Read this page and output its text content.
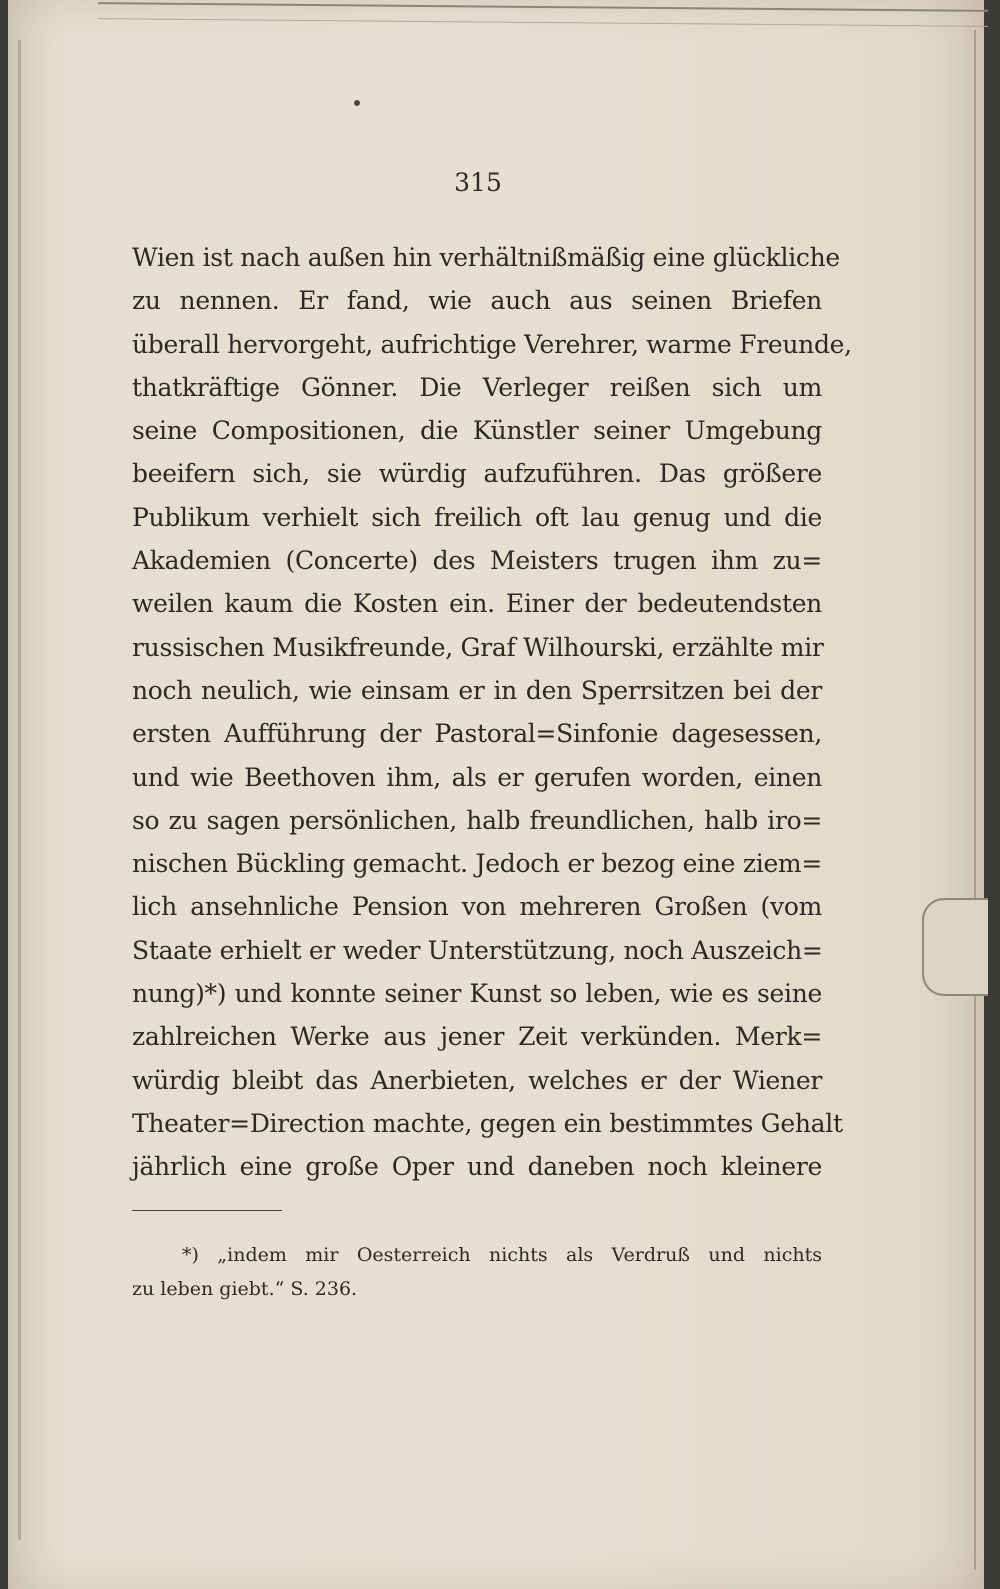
315
Wien ist nach außen hin verhältnißmäßig eine glückliche
zu nennen. Er fand, wie auch aus seinen Briefen
überall hervorgeht, aufrichtige Verehrer, warme Freunde,
thatkräftige Gönner. Die Verleger reißen sich um
seine Compositionen, die Künstler seiner Umgebung
beeifern sich, sie würdig aufzuführen. Das größere
Publikum verhielt sich freilich oft lau genug und die
Akademien (Concerte) des Meisters trugen ihm zu=
weilen kaum die Kosten ein. Einer der bedeutendsten
russischen Musikfreunde, Graf Wilhourski, erzählte mir
noch neulich, wie einsam er in den Sperrsitzen bei der
ersten Aufführung der Pastoral=Sinfonie dagesessen,
und wie Beethoven ihm, als er gerufen worden, einen
so zu sagen persönlichen, halb freundlichen, halb iro=
nischen Bückling gemacht. Jedoch er bezog eine ziem=
lich ansehnliche Pension von mehreren Großen (vom
Staate erhielt er weder Unterstützung, noch Auszeich=
nung)*) und konnte seiner Kunst so leben, wie es seine
zahlreichen Werke aus jener Zeit verkünden. Merk=
würdig bleibt das Anerbieten, welches er der Wiener
Theater=Direction machte, gegen ein bestimmtes Gehalt
jährlich eine große Oper und daneben noch kleinere
*) „indem mir Oesterreich nichts als Verdruß und nichts
zu leben giebt.“ S. 236.
